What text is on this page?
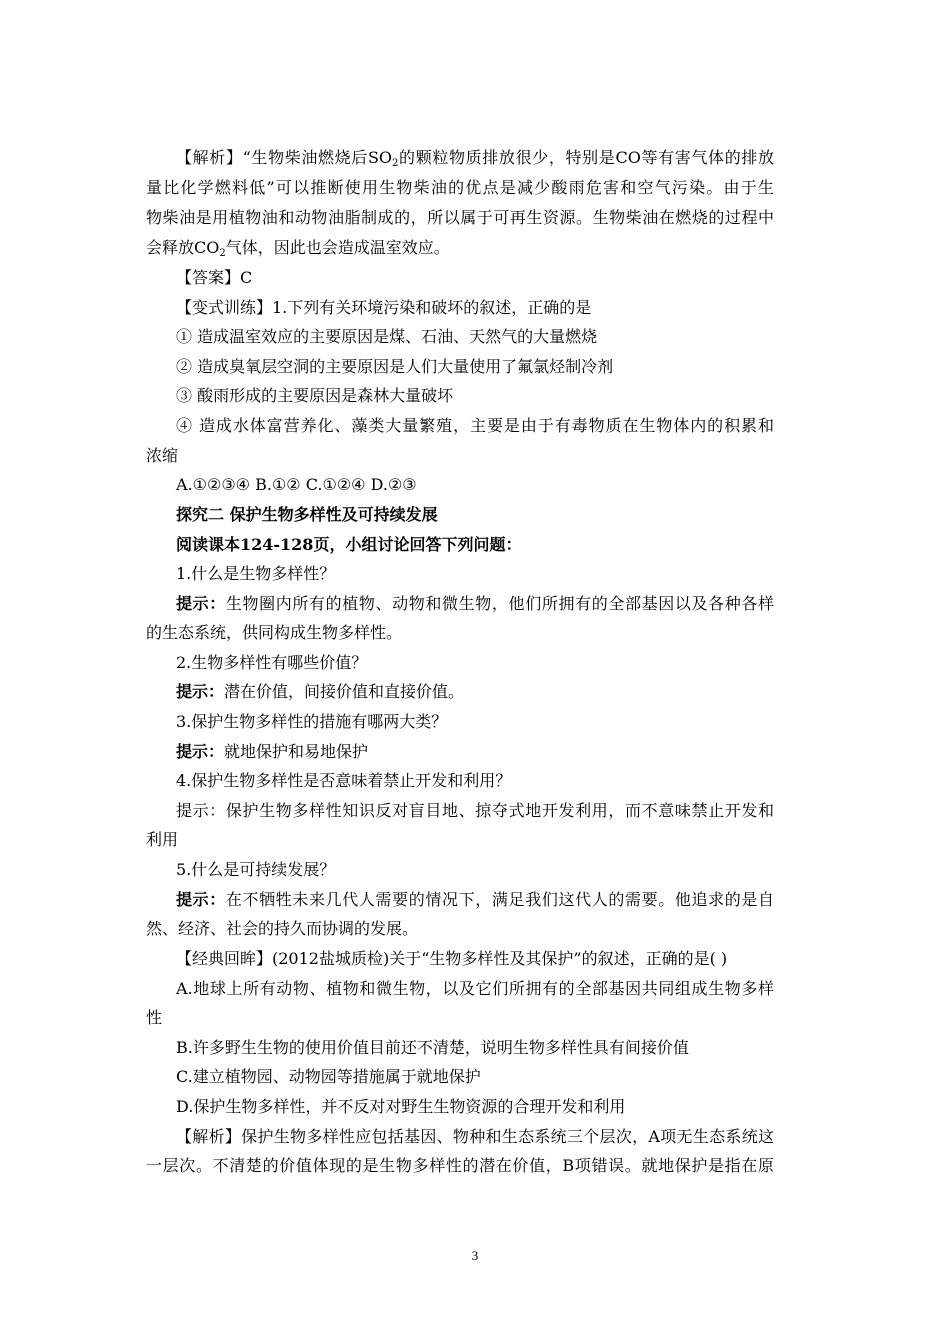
【解析】“生物柴油燃烧后$SO_2$的颗粒物质排放很少，特别是CO等有害气体的排放
量比化学燃料低”可以推断使用生物柴油的优点是减少酸雨危害和空气污染。由于生
物柴油是用植物油和动物油脂制成的，所以属于可再生资源。生物柴油在燃烧的过程中
会释放$CO_2$气体，因此也会造成温室效应。
【答案】C
【变式训练】1.下列有关环境污染和破坏的叙述，正确的是
① 造成温室效应的主要原因是煤、石油、天然气的大量燃烧
② 造成臭氧层空洞的主要原因是人们大量使用了氟氯烃制冷剂
③ 酸雨形成的主要原因是森林大量破坏
④ 造成水体富营养化、藻类大量繁殖，主要是由于有毒物质在生物体内的积累和
浓缩
A.①②③④ B.①② C.①②④ D.②③
探究二 保护生物多样性及可持续发展
阅读课本124-128页，小组讨论回答下列问题：
1.什么是生物多样性？
提示：生物圈内所有的植物、动物和微生物，他们所拥有的全部基因以及各种各样
的生态系统，供同构成生物多样性。
2.生物多样性有哪些价值？
提示：潜在价值，间接价值和直接价值。
3.保护生物多样性的措施有哪两大类？
提示：就地保护和易地保护
4.保护生物多样性是否意味着禁止开发和利用？
提示：保护生物多样性知识反对盲目地、掠夺式地开发利用，而不意味禁止开发和
利用
5.什么是可持续发展？
提示：在不牺牲未来几代人需要的情况下，满足我们这代人的需要。他追求的是自
然、经济、社会的持久而协调的发展。
【经典回眸】(2012盐城质检)关于“生物多样性及其保护”的叙述，正确的是( )
A.地球上所有动物、植物和微生物，以及它们所拥有的全部基因共同组成生物多样
性
B.许多野生生物的使用价值目前还不清楚，说明生物多样性具有间接价值
C.建立植物园、动物园等措施属于就地保护
D.保护生物多样性，并不反对对野生生物资源的合理开发和利用
【解析】保护生物多样性应包括基因、物种和生态系统三个层次，A项无生态系统这
一层次。不清楚的价值体现的是生物多样性的潜在价值，B项错误。就地保护是指在原
3
